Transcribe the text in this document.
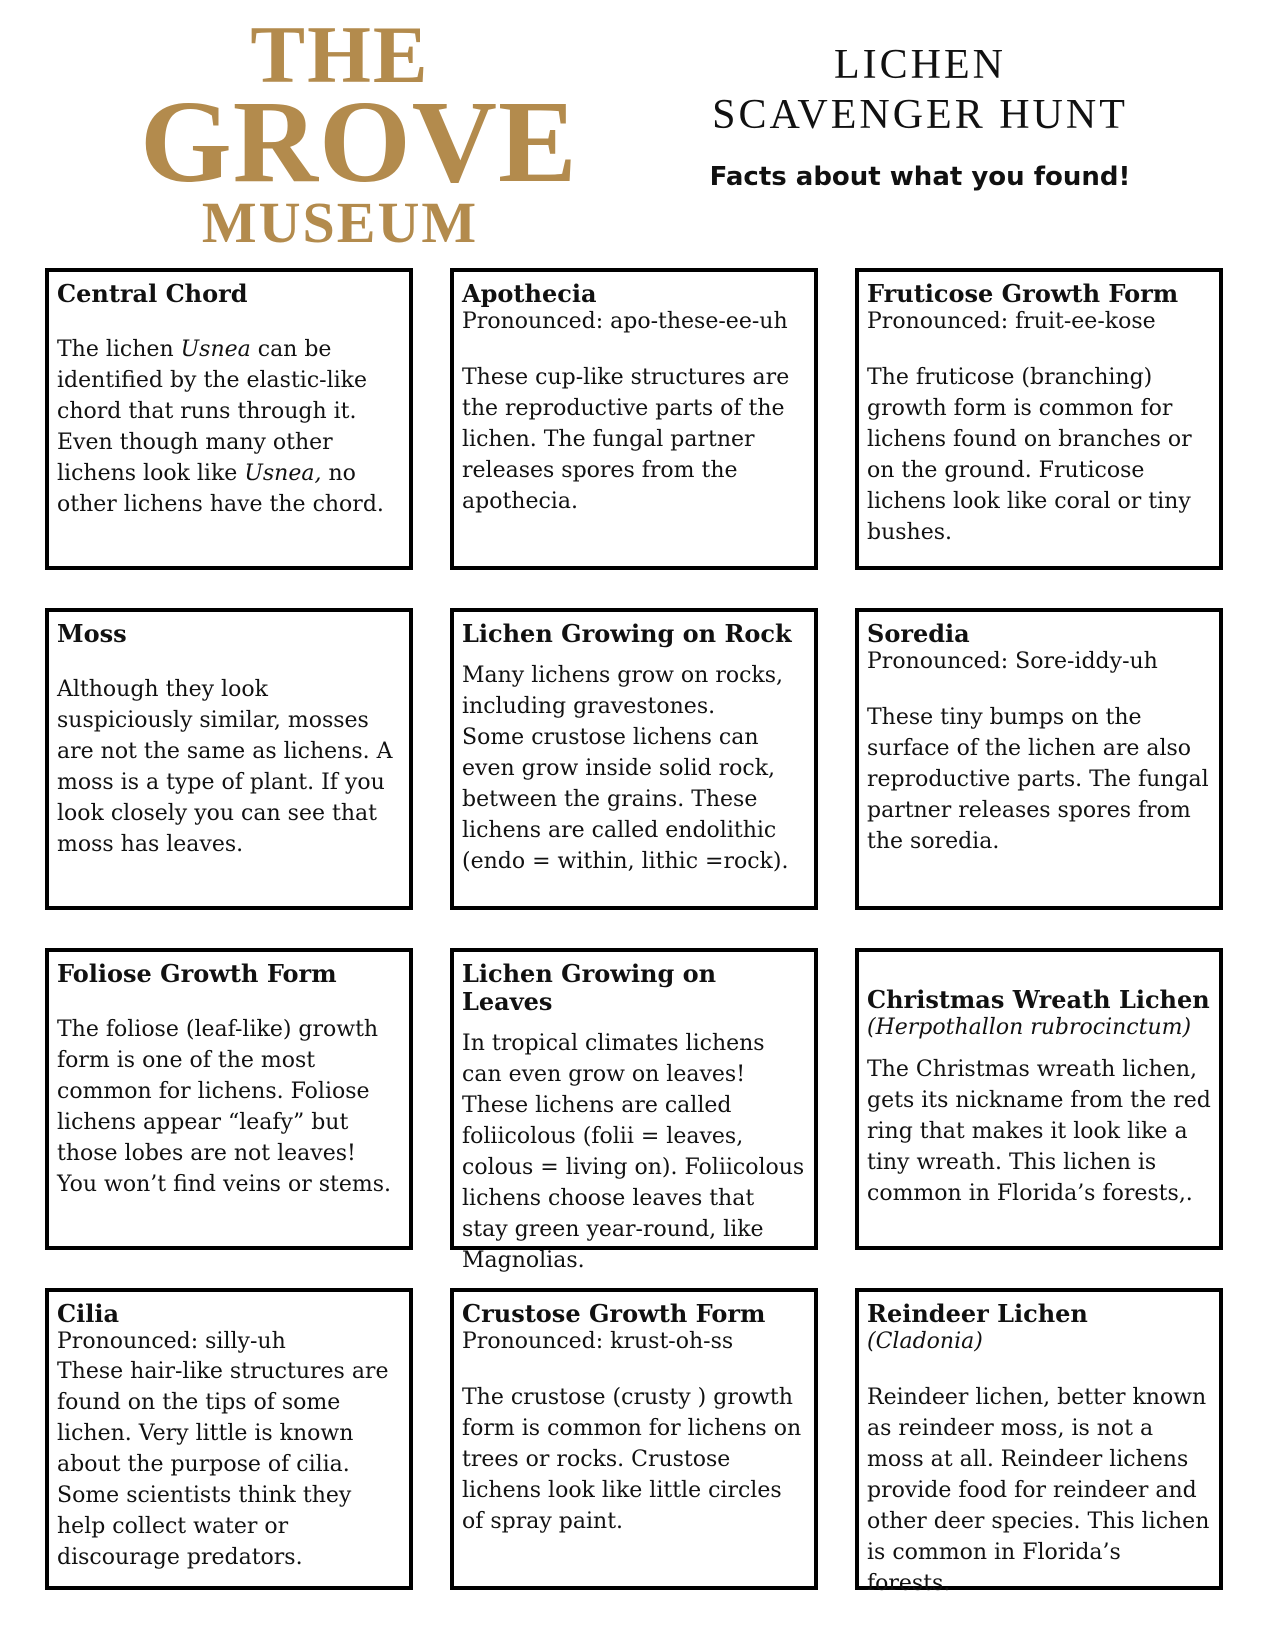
THE
GROVE
MUSEUM
LICHEN
SCAVENGER HUNT
Facts about what you found!
Central Chord
The lichen Usnea can be identified by the elastic-like chord that runs through it. Even though many other lichens look like Usnea, no other lichens have the chord.
Apothecia
Pronounced: apo-these-ee-uh
These cup-like structures are the reproductive parts of the lichen. The fungal partner releases spores from the apothecia.
Fruticose Growth Form
Pronounced: fruit-ee-kose
The fruticose (branching) growth form is common for lichens found on branches or on the ground. Fruticose lichens look like coral or tiny bushes.
Moss
Although they look suspiciously similar, mosses are not the same as lichens. A moss is a type of plant. If you look closely you can see that moss has leaves.
Lichen Growing on Rock
Many lichens grow on rocks, including gravestones.
Some crustose lichens can even grow inside solid rock, between the grains. These lichens are called endolithic (endo = within, lithic =rock).
Soredia
Pronounced: Sore-iddy-uh
These tiny bumps on the surface of the lichen are also reproductive parts. The fungal partner releases spores from the soredia.
Foliose Growth Form
The foliose (leaf-like) growth form is one of the most common for lichens. Foliose lichens appear “leafy” but those lobes are not leaves! You won’t find veins or stems.
Lichen Growing on Leaves
In tropical climates lichens can even grow on leaves! These lichens are called foliicolous (folii = leaves, colous = living on). Foliicolous lichens choose leaves that stay green year-round, like Magnolias.
Christmas Wreath Lichen
(Herpothallon rubrocinctum)
The Christmas wreath lichen, gets its nickname from the red ring that makes it look like a tiny wreath. This lichen is common in Florida’s forests,.
Cilia
Pronounced: silly-uh
These hair-like structures are found on the tips of some lichen. Very little is known about the purpose of cilia. Some scientists think they help collect water or discourage predators.
Crustose Growth Form
Pronounced: krust-oh-ss
The crustose (crusty ) growth form is common for lichens on trees or rocks. Crustose lichens look like little circles of spray paint.
Reindeer Lichen
(Cladonia)
Reindeer lichen, better known as reindeer moss, is not a moss at all. Reindeer lichens provide food for reindeer and other deer species. This lichen is common in Florida’s forests.
